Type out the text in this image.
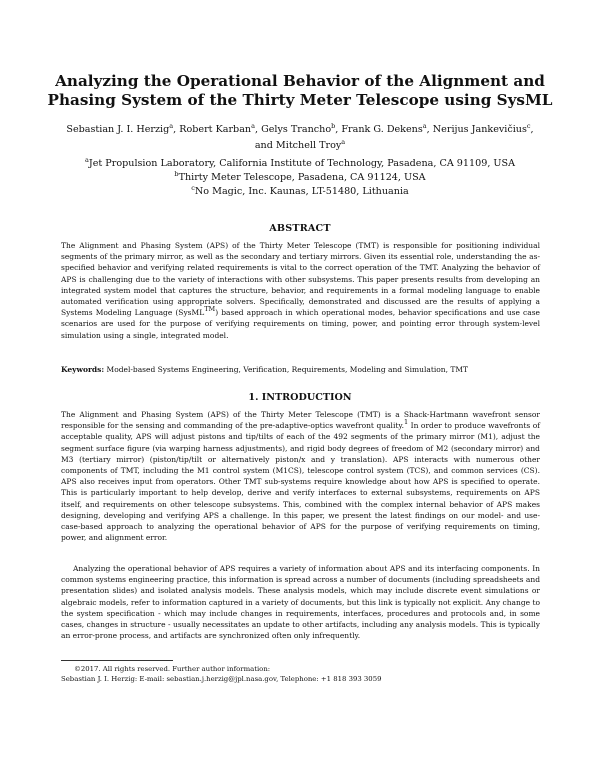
Analyzing the Operational Behavior of the Alignment and
Phasing System of the Thirty Meter Telescope using SysML
Sebastian J. I. Herzig$^a$, Robert Karban$^a$, Gelys Trancho$^b$, Frank G. Dekens$^a$, Nerijus Jankevičius$^c$, and Mitchell Troy$^a$
$^a$Jet Propulsion Laboratory, California Institute of Technology, Pasadena, CA 91109, USA
$^b$Thirty Meter Telescope, Pasadena, CA 91124, USA
$^c$No Magic, Inc. Kaunas, LT-51480, Lithuania
ABSTRACT

The Alignment and Phasing System (APS) of the Thirty Meter Telescope (TMT) is responsible for positioning individual segments of the primary mirror, as well as the secondary and tertiary mirrors. Given its essential role, understanding the as-specified behavior and verifying related requirements is vital to the correct operation of the TMT. Analyzing the behavior of APS is challenging due to the variety of interactions with other subsystems. This paper presents results from developing an integrated system model that captures the structure, behavior, and requirements in a formal modeling language to enable automated verification using appropriate solvers. Specifically, demonstrated and discussed are the results of applying a Systems Modeling Language (SysML™) based approach in which operational modes, behavior specifications and use case scenarios are used for the purpose of verifying requirements on timing, power, and pointing error through system-level simulation using a single, integrated model.

Keywords: Model-based Systems Engineering, Verification, Requirements, Modeling and Simulation, TMT

1. INTRODUCTION

The Alignment and Phasing System (APS) of the Thirty Meter Telescope (TMT) is a Shack-Hartmann wavefront sensor responsible for the sensing and commanding of the pre-adaptive-optics wavefront quality.$^1$ In order to produce wavefronts of acceptable quality, APS will adjust pistons and tip/tilts of each of the 492 segments of the primary mirror (M1), adjust the segment surface figure (via warping harness adjustments), and rigid body degrees of freedom of M2 (secondary mirror) and M3 (tertiary mirror) (piston/tip/tilt or alternatively piston/x and y translation). APS interacts with numerous other components of TMT, including the M1 control system (M1CS), telescope control system (TCS), and common services (CS). APS also receives input from operators. Other TMT sub-systems require knowledge about how APS is specified to operate. This is particularly important to help develop, derive and verify interfaces to external subsystems, requirements on APS itself, and requirements on other telescope subsystems. This, combined with the complex internal behavior of APS makes designing, developing and verifying APS a challenge. In this paper, we present the latest findings on our model- and use-case-based approach to analyzing the operational behavior of APS for the purpose of verifying requirements on timing, power, and alignment error.

Analyzing the operational behavior of APS requires a variety of information about APS and its interfacing components. In common systems engineering practice, this information is spread across a number of documents (including spreadsheets and presentation slides) and isolated analysis models. These analysis models, which may include discrete event simulations or algebraic models, refer to information captured in a variety of documents, but this link is typically not explicit. Any change to the system specification - which may include changes in requirements, interfaces, procedures and protocols and, in some cases, changes in structure - usually necessitates an update to other artifacts, including any analysis models. This is typically an error-prone process, and artifacts are synchronized often only infrequently.

©2017. All rights reserved. Further author information:
Sebastian J. I. Herzig: E-mail: sebastian.j.herzig@jpl.nasa.gov, Telephone: +1 818 393 3059
